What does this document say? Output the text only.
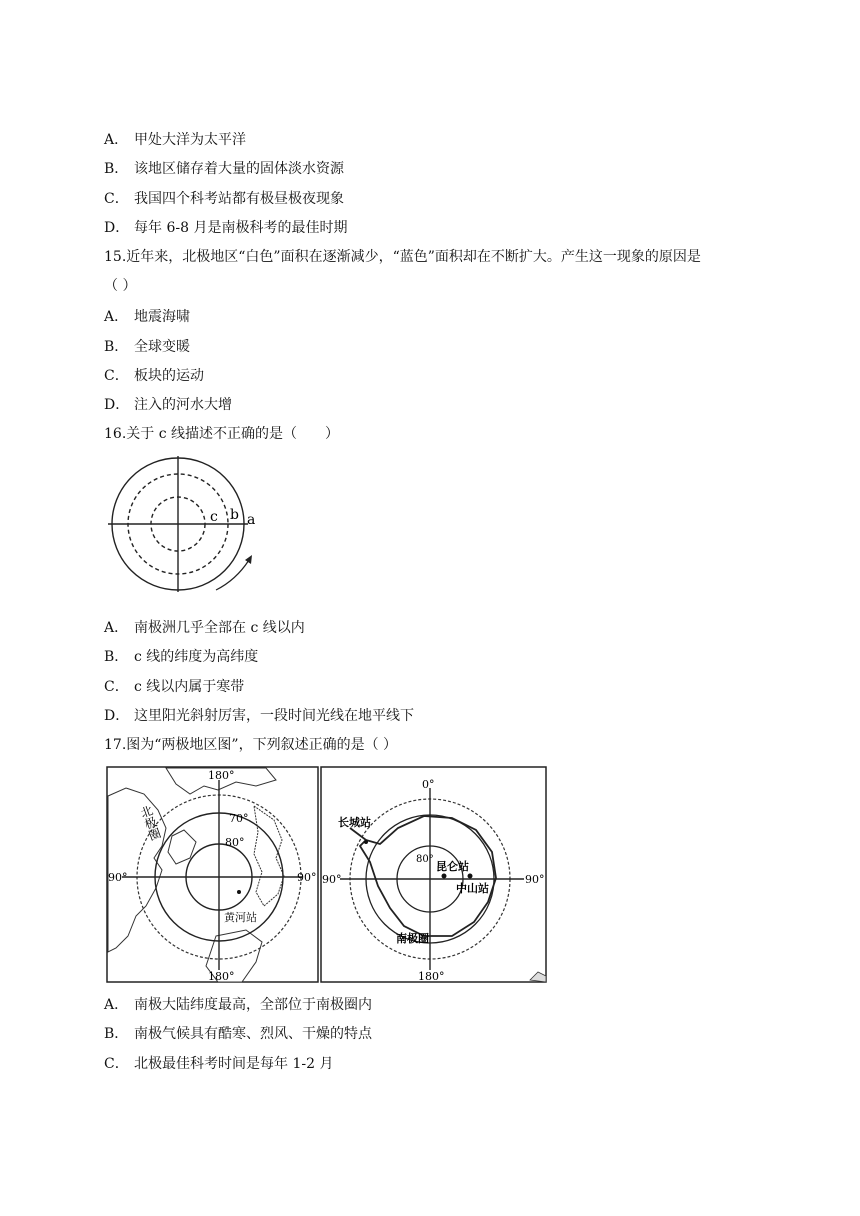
A． 甲处大洋为太平洋
B． 该地区储存着大量的固体淡水资源
C． 我国四个科考站都有极昼极夜现象
D． 每年 6-8 月是南极科考的最佳时期
15.近年来，北极地区“白色”面积在逐渐减少，“蓝色”面积却在不断扩大。产生这一现象的原因是
（ ）
A． 地震海啸
B． 全球变暖
C． 板块的运动
D． 注入的河水大增
16.关于 c 线描述不正确的是（　　）
c b a
A． 南极洲几乎全部在 c 线以内
B． c 线的纬度为高纬度
C． c 线以内属于寒带
D． 这里阳光斜射厉害，一段时间光线在地平线下
17.图为“两极地区图”，下列叙述正确的是（ ）
180°
180°
90°	90°
70°
80°
北极圈
黄河站
0°
180°
90°	90°
80°
长城站
昆仑站
中山站
南极圈
A． 南极大陆纬度最高，全部位于南极圈内
B． 南极气候具有酷寒、烈风、干燥的特点
C． 北极最佳科考时间是每年 1-2 月
